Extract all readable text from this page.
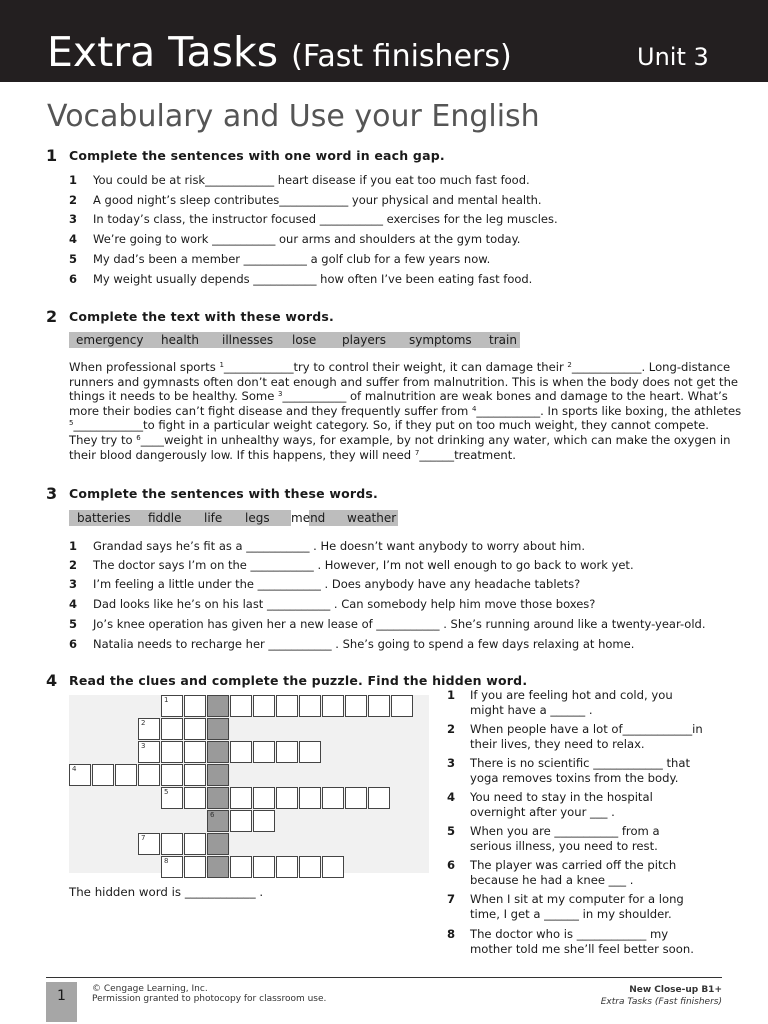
Extra Tasks (Fast finishers)	Unit 3
Vocabulary and Use your English
1 Complete the sentences with one word in each gap.
1 You could be at risk____________ heart disease if you eat too much fast food.
2 A good night’s sleep contributes____________ your physical and mental health.
3 In today’s class, the instructor focused ___________ exercises for the leg muscles.
4 We’re going to work ___________ our arms and shoulders at the gym today.
5 My dad’s been a member ___________ a golf club for a few years now.
6 My weight usually depends ___________ how often I’ve been eating fast food.
2 Complete the text with these words.
emergency health illnesses lose players symptoms train

When professional sports $^1$____________try to control their weight, it can damage their $^2$____________. Long-distance

runners and gymnasts often don’t eat enough and suffer from malnutrition. This is when the body does not get the

things it needs to be healthy. Some $^3$___________ of malnutrition are weak bones and damage to the heart. What’s

more their bodies can’t fight disease and they frequently suffer from $^4$___________. In sports like boxing, the athletes

$^5$____________to fight in a particular weight category. So, if they put on too much weight, they cannot compete.

They try to $^6$____weight in unhealthy ways, for example, by not drinking any water, which can make the oxygen in

their blood dangerously low. If this happens, they will need $^7$______treatment.

3 Complete the sentences with these words.
batteries fiddle life legs mend weather
1 Grandad says he’s fit as a ___________ . He doesn’t want anybody to worry about him.
2 The doctor says I’m on the ___________ . However, I’m not well enough to go back to work yet.
3 I’m feeling a little under the ___________ . Does anybody have any headache tablets?
4 Dad looks like he’s on his last ___________ . Can somebody help him move those boxes?
5 Jo’s knee operation has given her a new lease of ___________ . She’s running around like a twenty-year-old.
6 Natalia needs to recharge her ___________ . She’s going to spend a few days relaxing at home.
4 Read the clues and complete the puzzle. Find the hidden word.
1
2
3
4
5
6
7
8
The hidden word is ____________ .
1 If you are feeling hot and cold, you
might have a ______ .
2 When people have a lot of____________in
their lives, they need to relax.
3 There is no scientific ____________ that
yoga removes toxins from the body.
4 You need to stay in the hospital
overnight after your ___ .
5 When you are ___________ from a
serious illness, you need to rest.
6 The player was carried off the pitch
because he had a knee ___ .
7 When I sit at my computer for a long
time, I get a ______ in my shoulder.
8 The doctor who is ____________ my
mother told me she’ll feel better soon.
1	© Cengage Learning, Inc.
Permission granted to photocopy for classroom use.
New Close-up B1+
Extra Tasks (Fast finishers)
